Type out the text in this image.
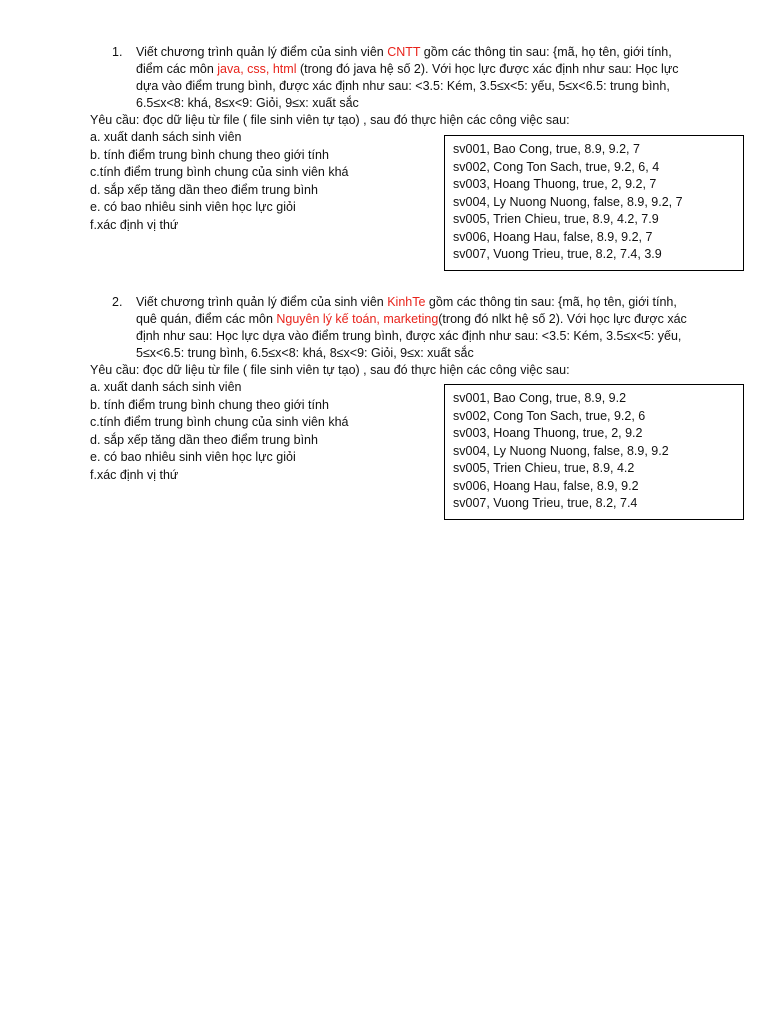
1. Viết chương trình quản lý điểm của sinh viên CNTT gồm các thông tin sau: {mã, họ tên, giới tính, điểm các môn java, css, html (trong đó java hệ số 2). Với học lực được xác định như sau: Học lực dựa vào điểm trung bình, được xác định như sau: <3.5: Kém, 3.5≤x<5: yếu, 5≤x<6.5: trung bình, 6.5≤x<8: khá, 8≤x<9: Giỏi, 9≤x: xuất sắc
Yêu cầu: đọc dữ liệu từ file ( file sinh viên tự tạo) , sau đó thực hiện các công việc sau:
a. xuất danh sách sinh viên
b. tính điểm trung bình chung theo giới tính
c.tính điểm trung bình chung của sinh viên khá
d. sắp xếp tăng dần theo điểm trung bình
e. có bao nhiêu sinh viên học lực giỏi
f.xác định vị thứ
sv001, Bao Cong, true, 8.9, 9.2, 7
sv002, Cong Ton Sach, true, 9.2, 6, 4
sv003, Hoang Thuong, true, 2, 9.2, 7
sv004, Ly Nuong Nuong, false, 8.9, 9.2, 7
sv005, Trien Chieu, true, 8.9, 4.2, 7.9
sv006, Hoang Hau, false, 8.9, 9.2, 7
sv007, Vuong Trieu, true, 8.2, 7.4, 3.9
2. Viết chương trình quản lý điểm của sinh viên KinhTe gồm các thông tin sau: {mã, họ tên, giới tính, quê quán, điểm các môn Nguyên lý kế toán, marketing(trong đó nlkt hệ số 2). Với học lực được xác định như sau: Học lực dựa vào điểm trung bình, được xác định như sau: <3.5: Kém, 3.5≤x<5: yếu, 5≤x<6.5: trung bình, 6.5≤x<8: khá, 8≤x<9: Giỏi, 9≤x: xuất sắc
Yêu cầu: đọc dữ liệu từ file ( file sinh viên tự tạo) , sau đó thực hiện các công việc sau:
a. xuất danh sách sinh viên
b. tính điểm trung bình chung theo giới tính
c.tính điểm trung bình chung của sinh viên khá
d. sắp xếp tăng dần theo điểm trung bình
e. có bao nhiêu sinh viên học lực giỏi
f.xác định vị thứ
sv001, Bao Cong, true, 8.9, 9.2
sv002, Cong Ton Sach, true, 9.2, 6
sv003, Hoang Thuong, true, 2, 9.2
sv004, Ly Nuong Nuong, false, 8.9, 9.2
sv005, Trien Chieu, true, 8.9, 4.2
sv006, Hoang Hau, false, 8.9, 9.2
sv007, Vuong Trieu, true, 8.2, 7.4
